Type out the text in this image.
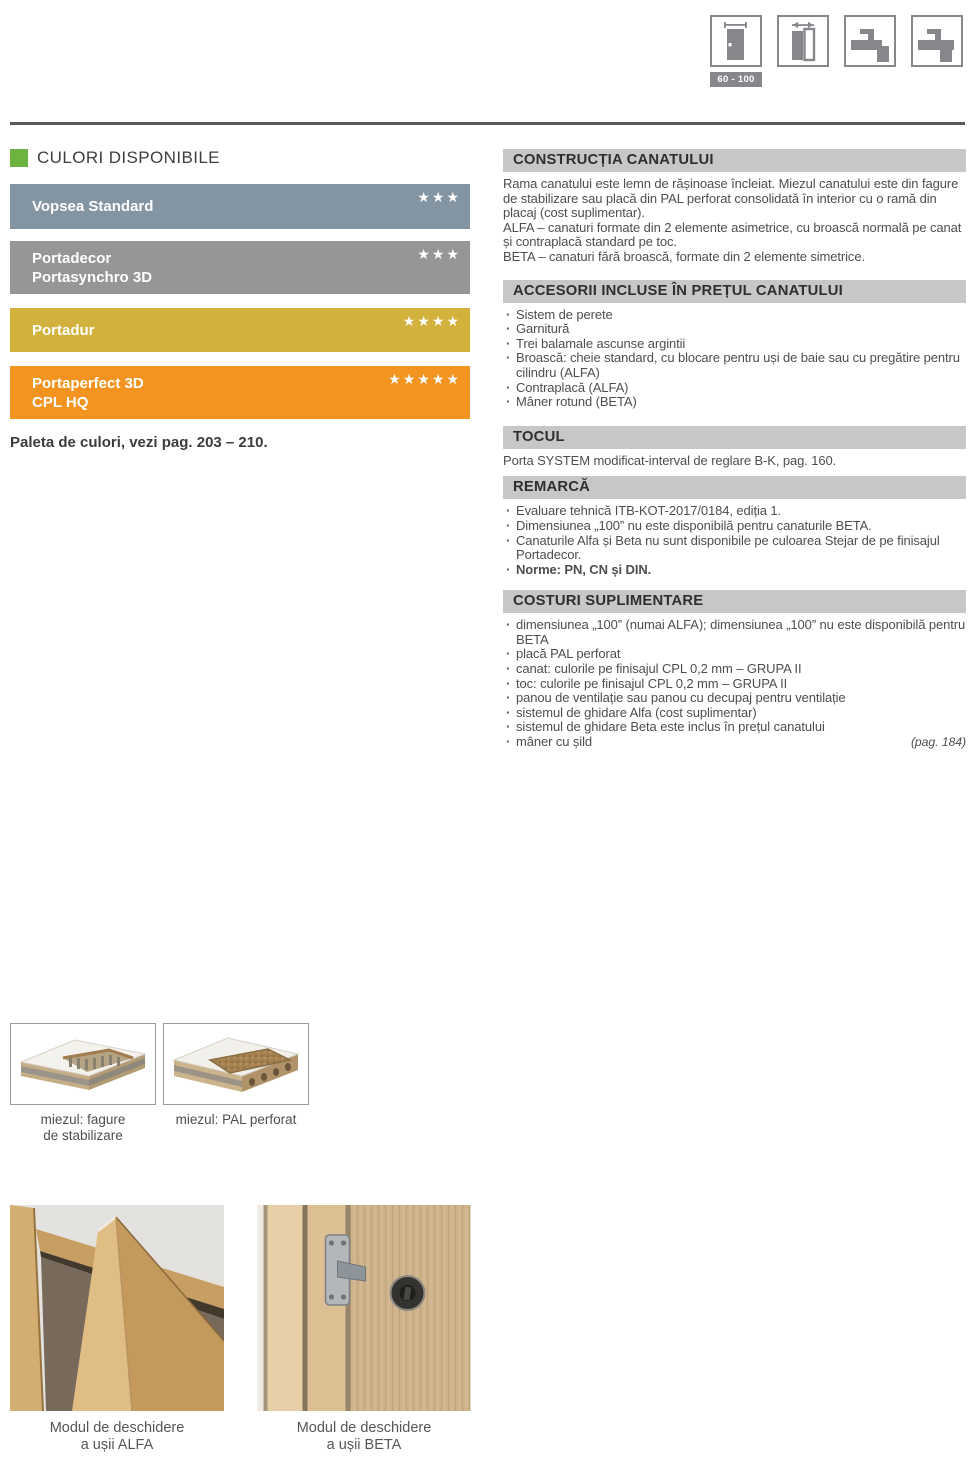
60 - 100
CULORI DISPONIBILE
Vopsea Standard
★★★
Portadecor
Portasynchro 3D
★★★
Portadur
★★★★
Portaperfect 3D
CPL HQ
★★★★★
Paleta de culori, vezi pag. 203 – 210.
CONSTRUCȚIA CANATULUI
Rama canatului este lemn de rășinoase încleiat. Miezul canatului este din fagure de stabilizare sau placă din PAL perforat consolidată în interior cu o ramă din placaj (cost suplimentar).
ALFA – canaturi formate din 2 elemente asimetrice, cu broască normală pe canat și contraplacă standard pe toc.
BETA – canaturi fără broască, formate din 2 elemente simetrice.
ACCESORII INCLUSE ÎN PREȚUL CANATULUI
· Sistem de perete
· Garnitură
· Trei balamale ascunse argintii
· Broască: cheie standard, cu blocare pentru uși de baie sau cu pregătire pentru cilindru (ALFA)
· Contraplacă (ALFA)
· Mâner rotund (BETA)
TOCUL
Porta SYSTEM modificat-interval de reglare B-K, pag. 160.
REMARCĂ
· Evaluare tehnică ITB-KOT-2017/0184, ediția 1.
· Dimensiunea „100” nu este disponibilă pentru canaturile BETA.
· Canaturile Alfa și Beta nu sunt disponibile pe culoarea Stejar de pe finisajul Portadecor.
· Norme: PN, CN și DIN.
COSTURI SUPLIMENTARE
· dimensiunea „100” (numai ALFA); dimensiunea „100” nu este disponibilă pentru BETA
· placă PAL perforat
· canat: culorile pe finisajul CPL 0,2 mm – GRUPA II
· toc: culorile pe finisajul CPL 0,2 mm – GRUPA II
· panou de ventilație sau panou cu decupaj pentru ventilație
· sistemul de ghidare Alfa (cost suplimentar)
· sistemul de ghidare Beta este inclus în prețul canatului
· mâner cu șild	(pag. 184)
miezul: fagure
de stabilizare
miezul: PAL perforat
Modul de deschidere
a ușii ALFA
Modul de deschidere
a ușii BETA
